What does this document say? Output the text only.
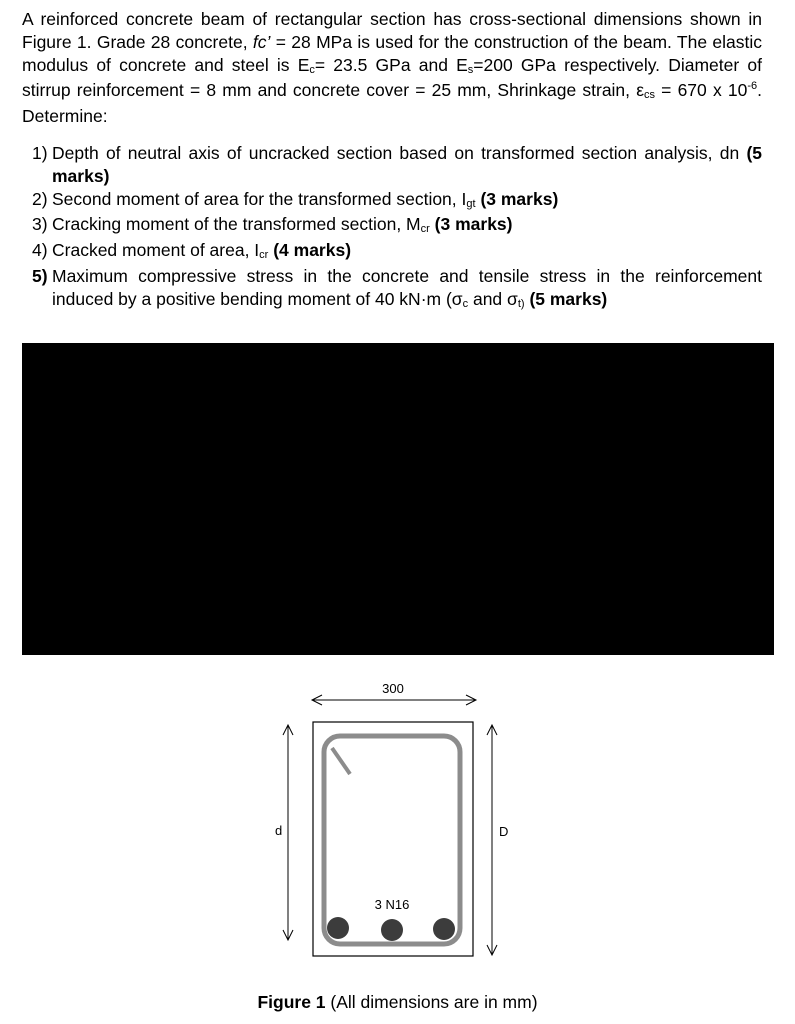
A reinforced concrete beam of rectangular section has cross-sectional dimensions shown in Figure 1. Grade 28 concrete, fc’ = 28 MPa is used for the construction of the beam. The elastic modulus of concrete and steel is $E_c= 23.5$ GPa and $E_s=200$ GPa respectively. Diameter of stirrup reinforcement = 8 mm and concrete cover = 25 mm, Shrinkage strain, $\varepsilon_{cs} = 670$ x $10^{-6}$. Determine:
1) Depth of neutral axis of uncracked section based on transformed section analysis, dn (5 marks)
2) Second moment of area for the transformed section, $I_{gt}$ (3 marks)
3) Cracking moment of the transformed section, $M_{cr}$ (3 marks)
4) Cracked moment of area, $I_{cr}$ (4 marks)
5) Maximum compressive stress in the concrete and tensile stress in the reinforcement induced by a positive bending moment of 40 kN·m ($\sigma_c$ and $\sigma_{t)}$ (5 marks)
300
d	D
3 N16
Figure 1 (All dimensions are in mm)
